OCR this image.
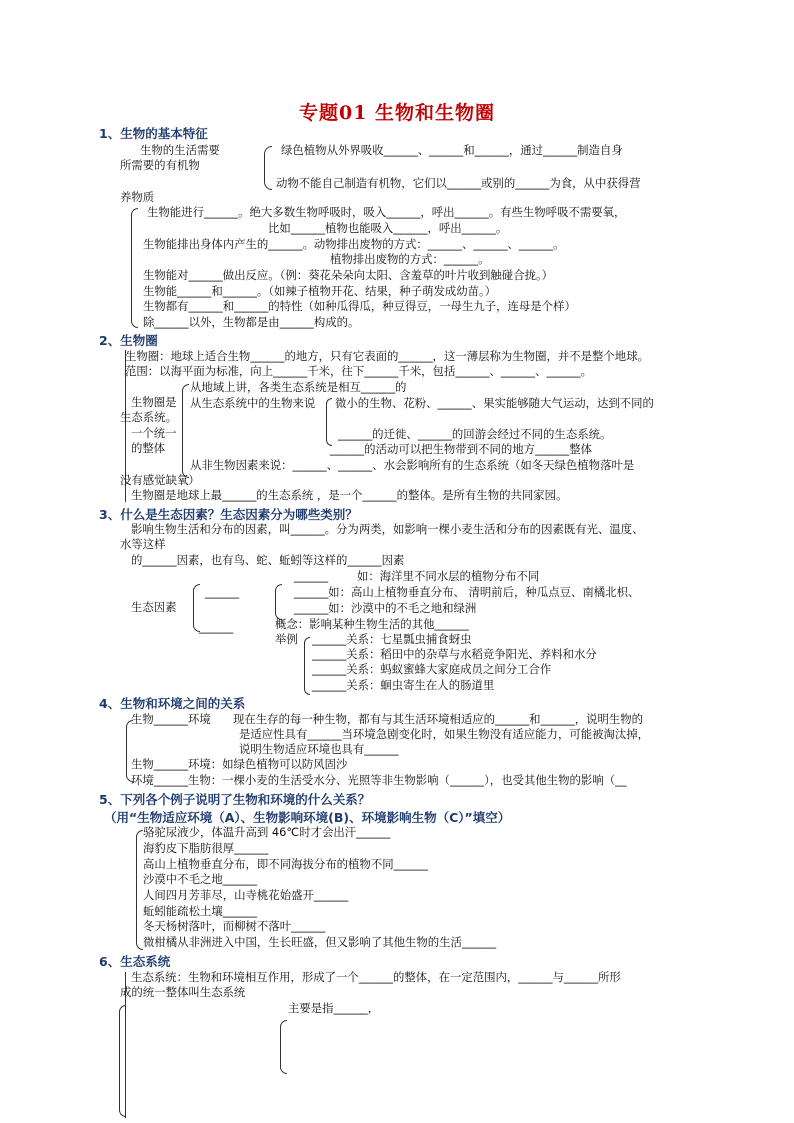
专题01 生物和生物圈
1、生物的基本特征
生物的生活需要	绿色植物从外界吸收______、______和______，通过______制造自身
所需要的有机物
动物不能自己制造有机物，它们以______或别的______为食，从中获得营
养物质
生物能进行______。绝大多数生物呼吸时，吸入______，呼出______。有些生物呼吸不需要氧，
比如______植物也能吸入______，呼出______。
生物能排出身体内产生的______。动物排出废物的方式：______、______、______。
植物排出废物的方式：______。
生物能对______做出反应。（例：葵花朵朵向太阳、含羞草的叶片收到触碰合拢。）
生物能______和______。（如辣子植物开花、结果，种子萌发成幼苗。）
生物都有______和______的特性（如种瓜得瓜，种豆得豆，一母生九子，连母是个样）
除______以外，生物都是由______构成的。
2、生物圈
生物圈：地球上适合生物______的地方，只有它表面的______，这一薄层称为生物圈，并不是整个地球。
范围：以海平面为标准，向上______千米，往下______千米，包括______、______、______。
从地域上讲，各类生态系统是相互______的
生物圈是
生态系统。
从生态系统中的生物来说 微小的生物、花粉、______、果实能够随大气运动，达到不同的
一个统一
的整体
______的迁徙、______的回游会经过不同的生态系统。
______的活动可以把生物带到不同的地方______整体
从非生物因素来说：______、______、水会影响所有的生态系统（如冬天绿色植物落叶是
没有感觉缺氧）
生物圈是地球上最______的生态系统 ，是一个______的整体。是所有生物的共同家园。
3、什么是生态因素？生态因素分为哪些类别？
影响生物生活和分布的因素，叫______。分为两类，如影响一棵小麦生活和分布的因素既有光、温度、
水等这样
的______因素，也有鸟、蛇、蚯蚓等这样的______因素
______	如：海洋里不同水层的植物分布不同
______	______如：高山上植物垂直分布、 清明前后，种瓜点豆、南橘北枳、
生态因素	______如：沙漠中的不毛之地和绿洲
______	概念：影响某种生物生活的其他______
举例 ______关系：七星瓢虫捕食蚜虫
______关系：稻田中的杂草与水稻竞争阳光、养料和水分
______关系：蚂蚁蜜蜂大家庭成员之间分工合作
______关系：蛔虫寄生在人的肠道里
4、生物和环境之间的关系
生物______环境 现在生存的每一种生物，都有与其生活环境相适应的______和______，说明生物的
是适应性具有______当环境急剧变化时，如果生物没有适应能力，可能被淘汰掉，
说明生物适应环境也具有______
生物______环境：如绿色植物可以防风固沙
环境______生物：一棵小麦的生活受水分、光照等非生物影响（______），也受其他生物的影响（__
5、下列各个例子说明了生物和环境的什么关系？
（用“生物适应环境（A）、生物影响环境(B)、环境影响生物（C）”填空）
骆驼尿液少，体温升高到 46℃时才会出汗______
海豹皮下脂肪很厚______
高山上植物垂直分布，即不同海拔分布的植物不同______
沙漠中不毛之地______
人间四月芳菲尽，山寺桃花始盛开______
蚯蚓能疏松土壤______
冬天杨树落叶，而柳树不落叶______
微柑橘从非洲进入中国，生长旺盛，但又影响了其他生物的生活______
6、生态系统
生态系统：生物和环境相互作用，形成了一个______的整体，在一定范围内，______与______所形
成的统一整体叫生态系统
主要是指______，
